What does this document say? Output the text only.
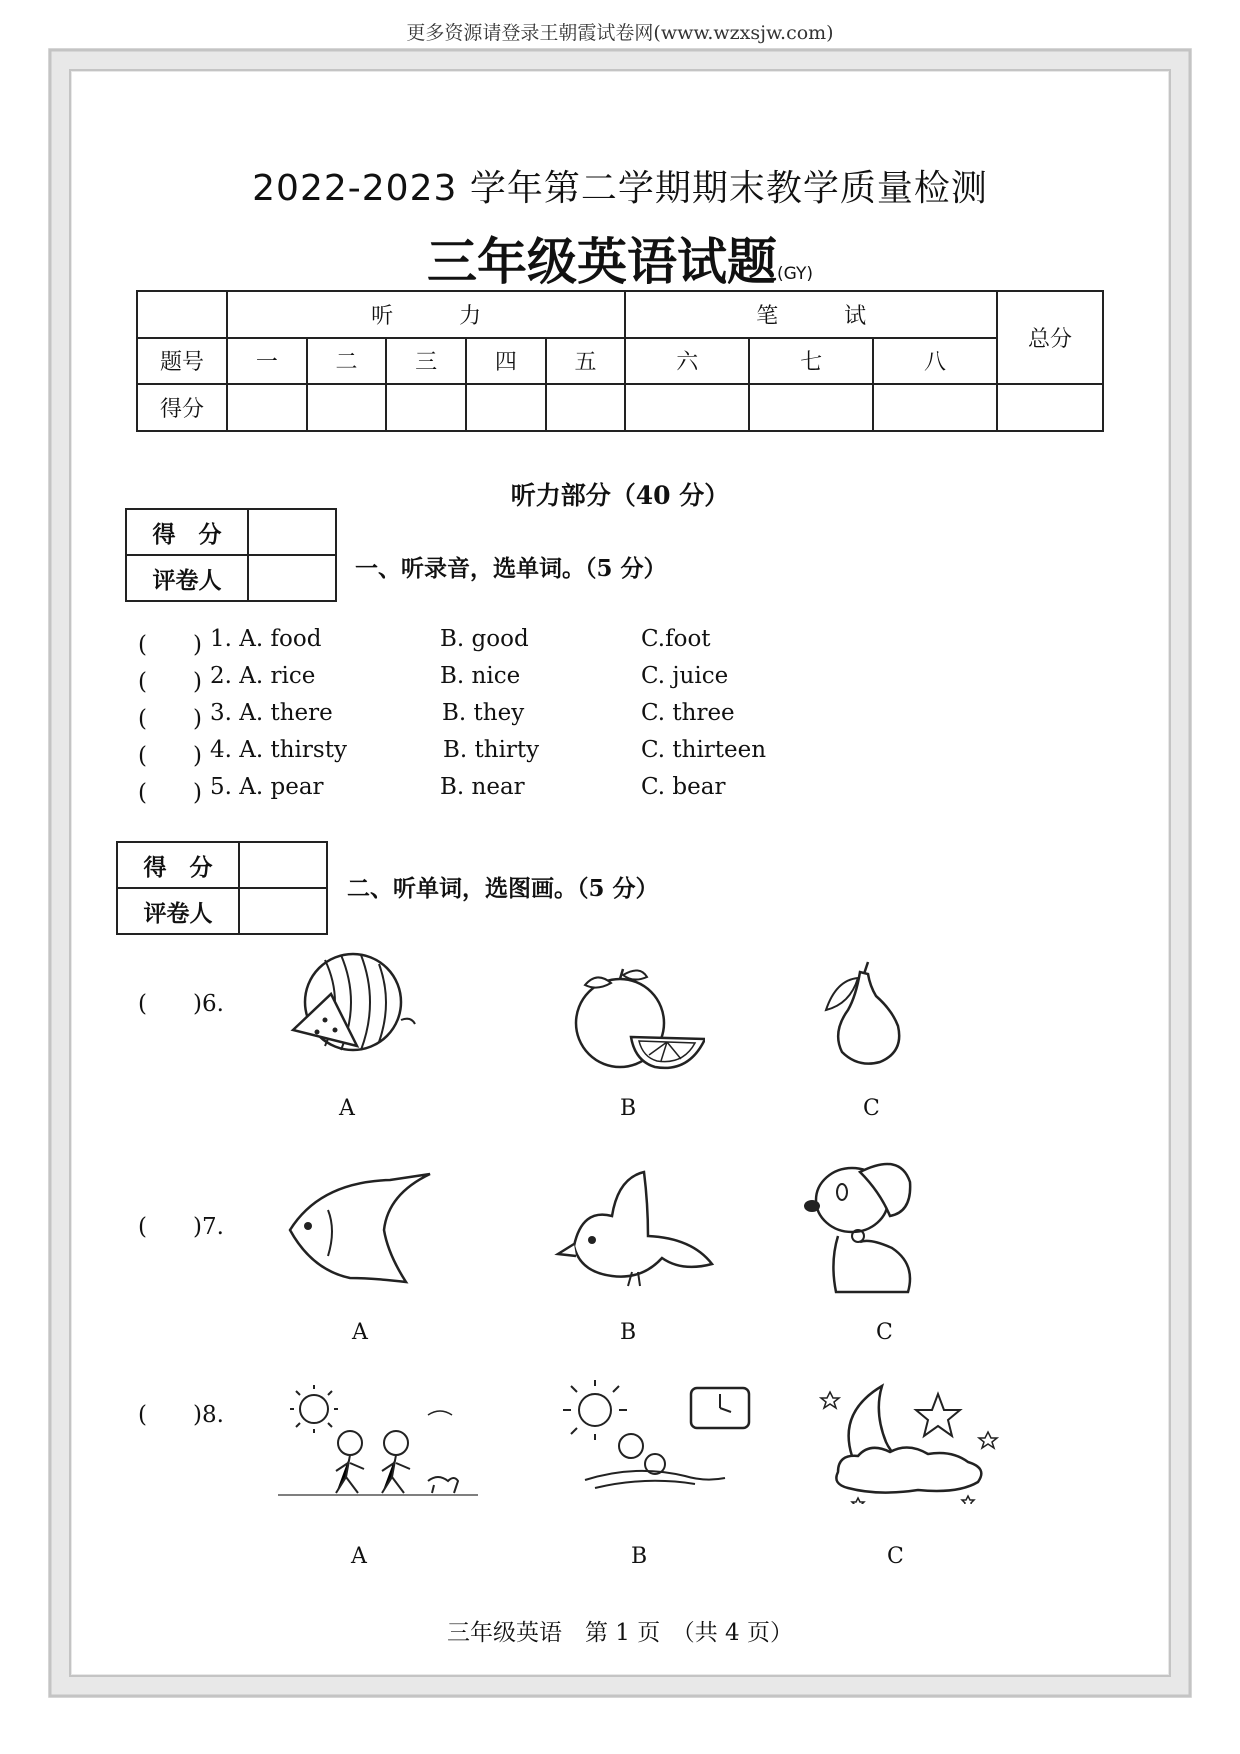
更多资源请登录王朝霞试卷网(www.wzxsjw.com)
2022-2023 学年第二学期期末教学质量检测
三年级英语试题(GY)
	听　　　力					笔　　　试			总分
题号	一	二	三	四	五	六	七	八	
得分									
听力部分（40 分）
得　分	
评卷人		一、听录音，选单词。（5 分）
(　　) 1. A. food	B. good	C.foot
(　　) 2. A. rice	B. nice	C. juice
(　　) 3. A. there	B. they	C. three
(　　) 4. A. thirsty	B. thirty	C. thirteen
(　　) 5. A. pear	B. near	C. bear
得　分	
评卷人	
二、听单词，选图画。（5 分）
(　　)6.
A	B	C
(　　)7.
A	B	C
(　　)8.
A	B	C
三年级英语　第 1 页　（共 4 页）
